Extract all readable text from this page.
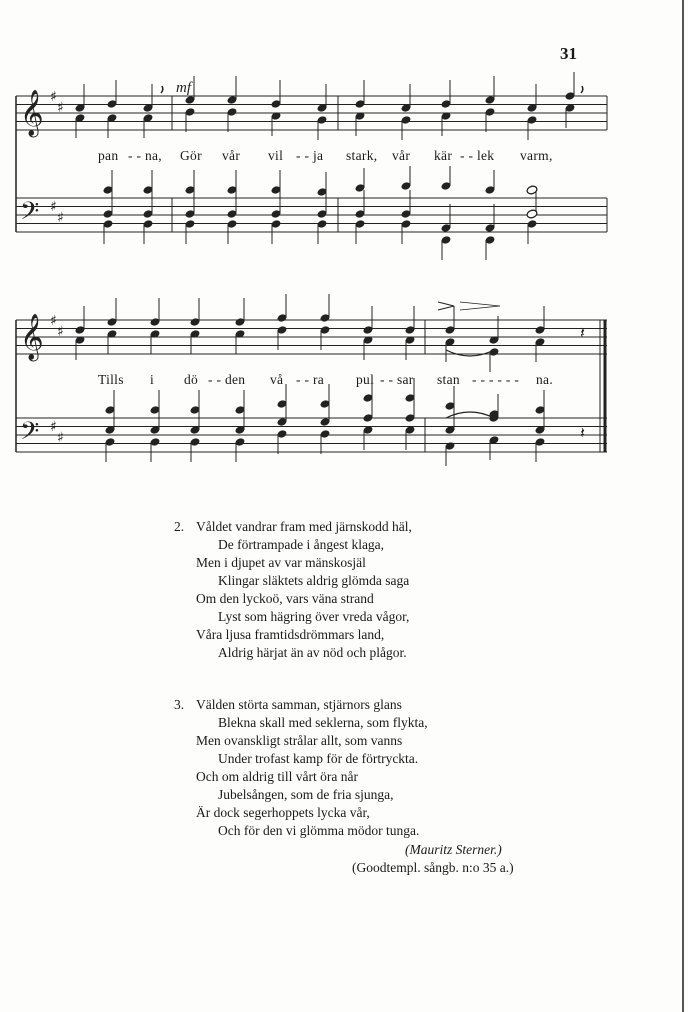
31
𝄞
𝄢
♯
♯
♯
♯
𝄞
𝄢
♯
♯
♯
♯
𝄽
𝄽
mf
pan - - na, Gör vår vil - - ja stark, vår kär - - lek varm,
Tills i dö - - den vå - - ra pul - - sar stan - - - - - - na.
2. Våldet vandrar fram med järnskodd häl,
De förtrampade i ångest klaga,
Men i djupet av var mänskosjäl
Klingar släktets aldrig glömda saga
Om den lyckoö, vars väna strand
Lyst som hägring över vreda vågor,
Våra ljusa framtidsdrömmars land,
Aldrig härjat än av nöd och plågor.
3. Välden störta samman, stjärnors glans
Blekna skall med seklerna, som flykta,
Men ovanskligt strålar allt, som vanns
Under trofast kamp för de förtryckta.
Och om aldrig till vårt öra når
Jubelsången, som de fria sjunga,
Är dock segerhoppets lycka vår,
Och för den vi glömma mödor tunga.
(Mauritz Sterner.)
(Goodtempl. sångb. n:o 35 a.)
